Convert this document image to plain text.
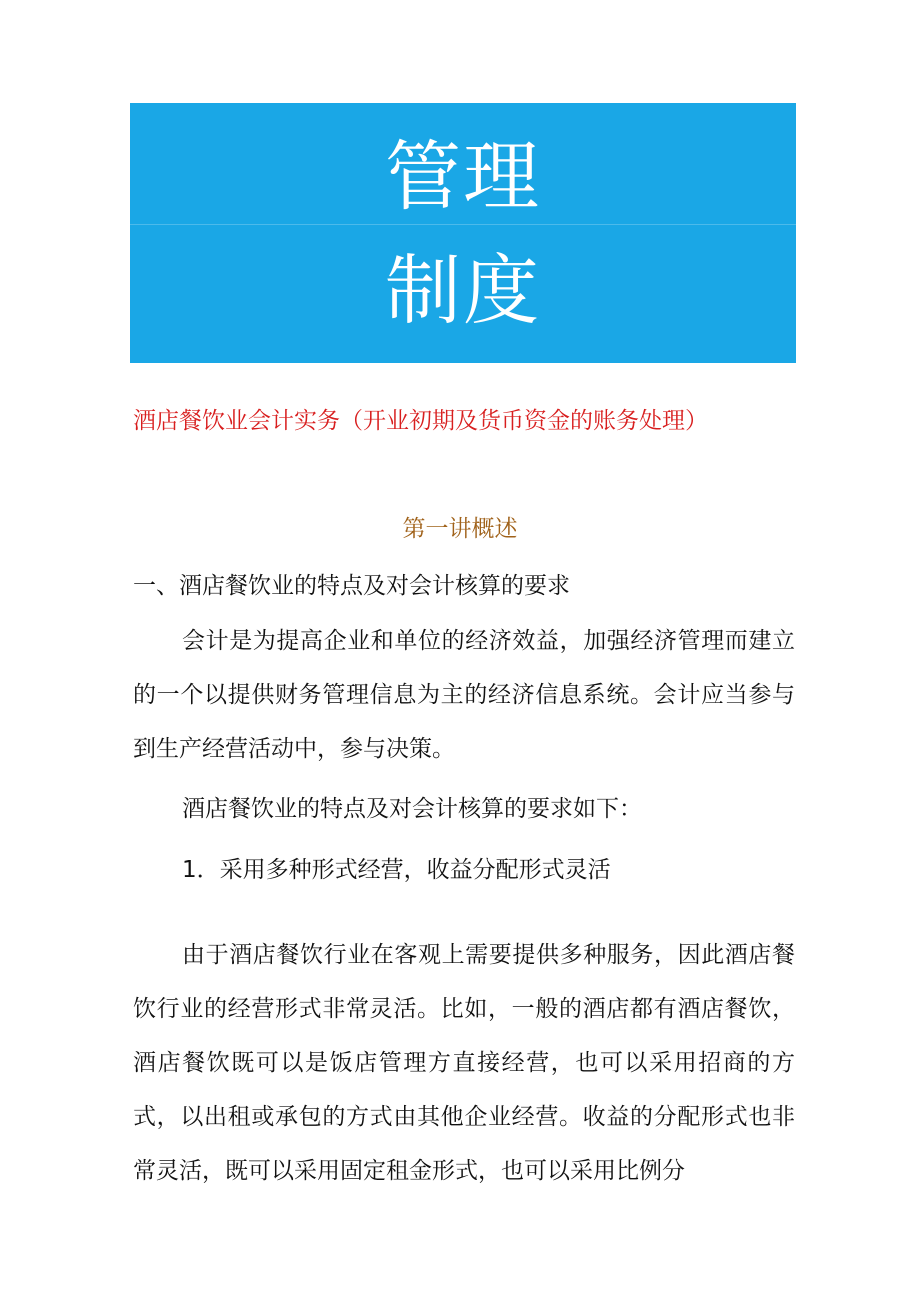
管理
制度
酒店餐饮业会计实务（开业初期及货币资金的账务处理）
第一讲概述
一、酒店餐饮业的特点及对会计核算的要求

会计是为提高企业和单位的经济效益，加强经济管理而建立的一个以提供财务管理信息为主的经济信息系统。会计应当参与到生产经营活动中，参与决策。

酒店餐饮业的特点及对会计核算的要求如下：
1．采用多种形式经营，收益分配形式灵活

由于酒店餐饮行业在客观上需要提供多种服务，因此酒店餐饮行业的经营形式非常灵活。比如，一般的酒店都有酒店餐饮，酒店餐饮既可以是饭店管理方直接经营，也可以采用招商的方式，以出租或承包的方式由其他企业经营。收益的分配形式也非常灵活，既可以采用固定租金形式，也可以采用比例分
